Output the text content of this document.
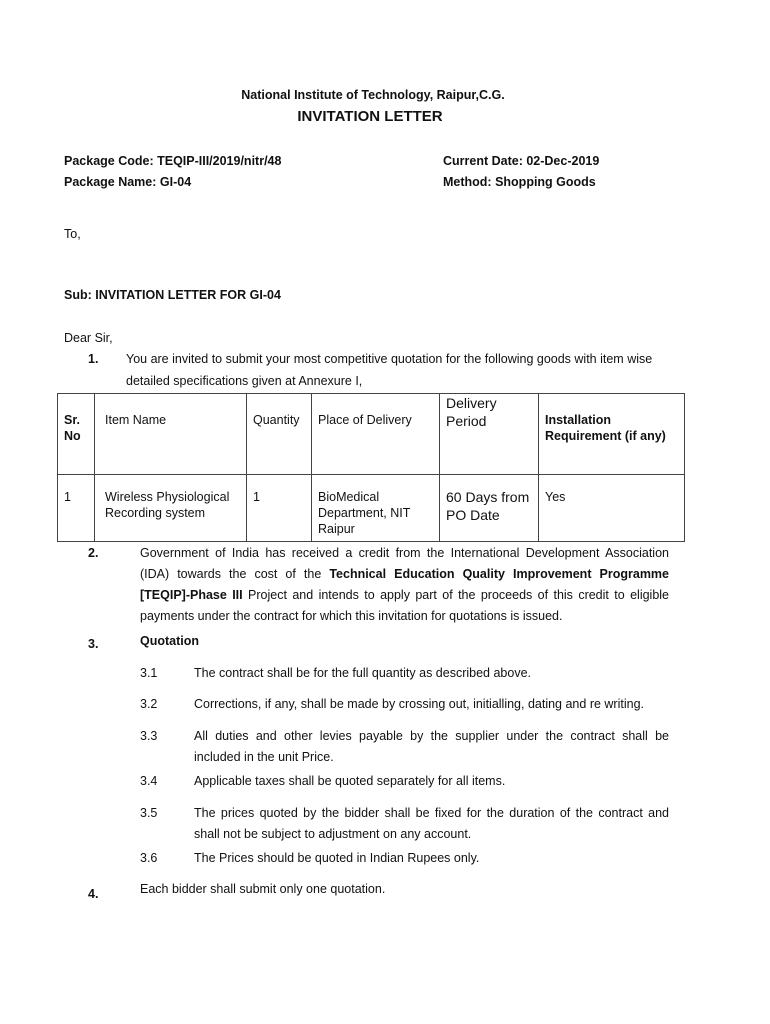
National Institute of Technology, Raipur,C.G.
INVITATION LETTER
Package Code: TEQIP-III/2019/nitr/48	Current Date: 02-Dec-2019
Package Name: GI-04	Method: Shopping Goods
To,
Sub: INVITATION LETTER FOR GI-04
Dear Sir,
1. You are invited to submit your most competitive quotation for the following goods with item wise
detailed specifications given at Annexure I,
Sr. No	Item Name	Quantity	Place of Delivery	Delivery Period	Installation Requirement (if any)
1	Wireless Physiological Recording system	1	BioMedical Department, NIT Raipur	60 Days from PO Date	Yes
2.	Government of India has received a credit from the International Development Association (IDA) towards the cost of the Technical Education Quality Improvement Programme [TEQIP]-Phase III Project and intends to apply part of the proceeds of this credit to eligible payments under the contract for which this invitation for quotations is issued.
3.	Quotation
3.1	The contract shall be for the full quantity as described above.
3.2	Corrections, if any, shall be made by crossing out, initialling, dating and re writing.
3.3	All duties and other levies payable by the supplier under the contract shall be included in the unit Price.
3.4	Applicable taxes shall be quoted separately for all items.
3.5	The prices quoted by the bidder shall be fixed for the duration of the contract and shall not be subject to adjustment on any account.
3.6	The Prices should be quoted in Indian Rupees only.
4.	Each bidder shall submit only one quotation.
